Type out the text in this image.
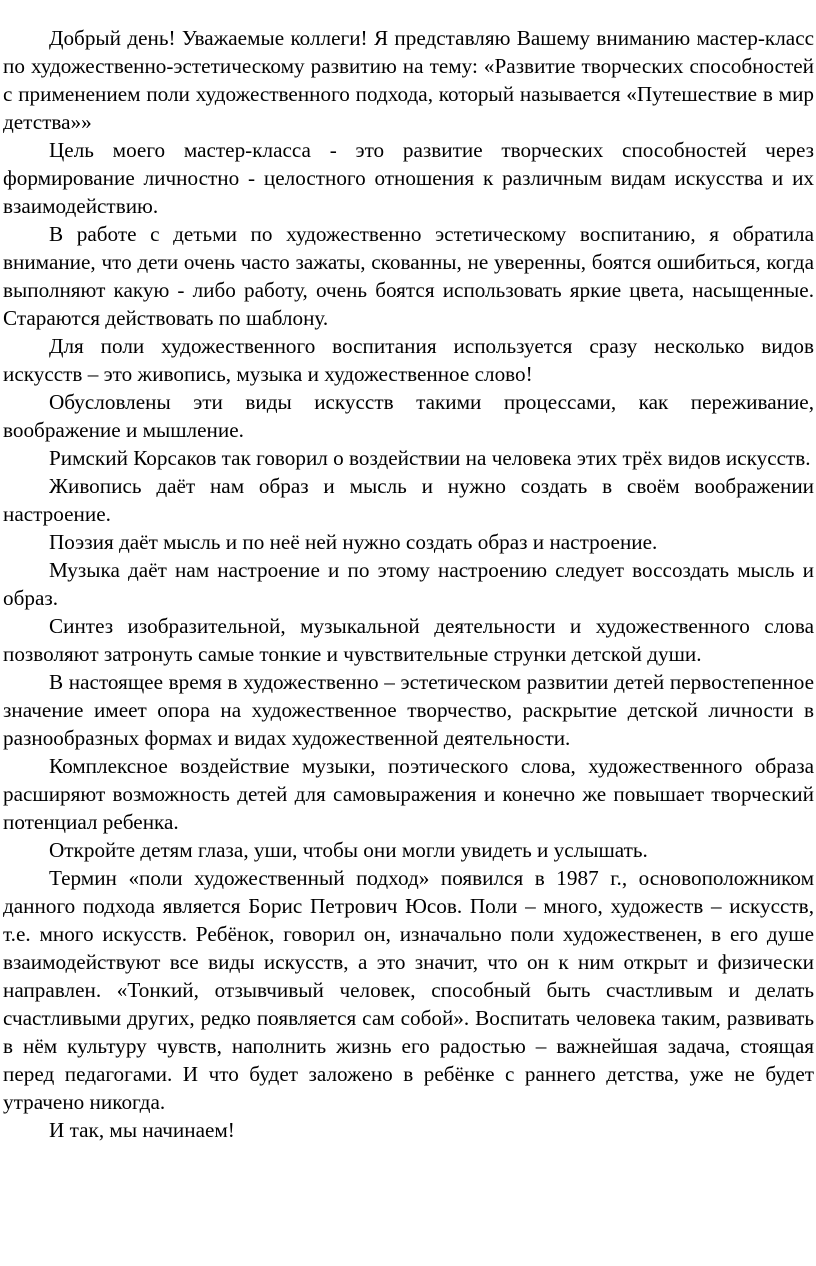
Добрый день! Уважаемые коллеги! Я представляю Вашему вниманию мастер-класс по художественно-эстетическому развитию на тему: «Развитие творческих способностей с применением поли художественного подхода, который называется «Путешествие в мир детства»»

Цель моего мастер-класса - это развитие творческих способностей через формирование личностно - целостного отношения к различным видам искусства и их взаимодействию.

В работе с детьми по художественно эстетическому воспитанию, я обратила внимание, что дети очень часто зажаты, скованны, не уверенны, боятся ошибиться, когда выполняют какую - либо работу, очень боятся использовать яркие цвета, насыщенные. Стараются действовать по шаблону.

Для поли художественного воспитания используется сразу несколько видов искусств – это живопись, музыка и художественное слово!

Обусловлены эти виды искусств такими процессами, как переживание, воображение и мышление.

Римский Корсаков так говорил о воздействии на человека этих трёх видов искусств.

Живопись даёт нам образ и мысль и нужно создать в своём воображении настроение.

Поэзия даёт мысль и по неё ней нужно создать образ и настроение.

Музыка даёт нам настроение и по этому настроению следует воссоздать мысль и образ.

Синтез изобразительной, музыкальной деятельности и художественного слова позволяют затронуть самые тонкие и чувствительные струнки детской души.

В настоящее время в художественно – эстетическом развитии детей первостепенное значение имеет опора на художественное творчество, раскрытие детской личности в разнообразных формах и видах художественной деятельности.

Комплексное воздействие музыки, поэтического слова, художественного образа расширяют возможность детей для самовыражения и конечно же повышает творческий потенциал ребенка.

Откройте детям глаза, уши, чтобы они могли увидеть и услышать.

Термин «поли художественный подход» появился в 1987 г., основоположником данного подхода является Борис Петрович Юсов. Поли – много, художеств – искусств, т.е. много искусств. Ребёнок, говорил он, изначально поли художественен, в его душе взаимодействуют все виды искусств, а это значит, что он к ним открыт и физически направлен. «Тонкий, отзывчивый человек, способный быть счастливым и делать счастливыми других, редко появляется сам собой». Воспитать человека таким, развивать в нём культуру чувств, наполнить жизнь его радостью – важнейшая задача, стоящая перед педагогами. И что будет заложено в ребёнке с раннего детства, уже не будет утрачено никогда.

И так, мы начинаем!
